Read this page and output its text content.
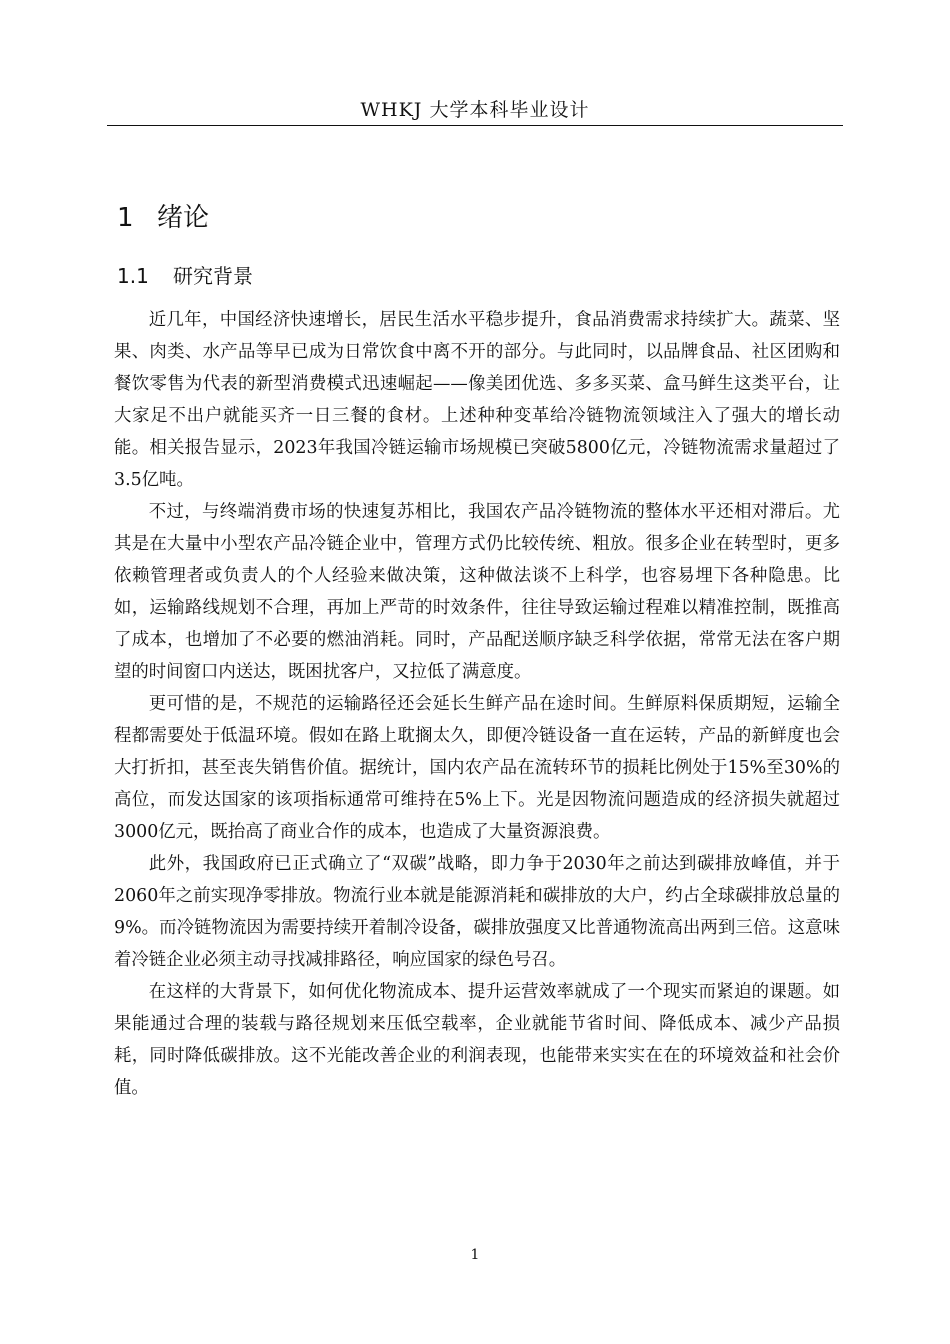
WHKJ 大学本科毕业设计
1 绪论
1.1 研究背景

近几年，中国经济快速增长，居民生活水平稳步提升，食品消费需求持续扩大。蔬菜、坚果、肉类、水产品等早已成为日常饮食中离不开的部分。与此同时，以品牌食品、社区团购和餐饮零售为代表的新型消费模式迅速崛起——像美团优选、多多买菜、盒马鲜生这类平台，让大家足不出户就能买齐一日三餐的食材。上述种种变革给冷链物流领域注入了强大的增长动能。相关报告显示，2023年我国冷链运输市场规模已突破5800亿元，冷链物流需求量超过了3.5亿吨。

不过，与终端消费市场的快速复苏相比，我国农产品冷链物流的整体水平还相对滞后。尤其是在大量中小型农产品冷链企业中，管理方式仍比较传统、粗放。很多企业在转型时，更多依赖管理者或负责人的个人经验来做决策，这种做法谈不上科学，也容易埋下各种隐患。比如，运输路线规划不合理，再加上严苛的时效条件，往往导致运输过程难以精准控制，既推高了成本，也增加了不必要的燃油消耗。同时，产品配送顺序缺乏科学依据，常常无法在客户期望的时间窗口内送达，既困扰客户，又拉低了满意度。

更可惜的是，不规范的运输路径还会延长生鲜产品在途时间。生鲜原料保质期短，运输全程都需要处于低温环境。假如在路上耽搁太久，即便冷链设备一直在运转，产品的新鲜度也会大打折扣，甚至丧失销售价值。据统计，国内农产品在流转环节的损耗比例处于15%至30%的高位，而发达国家的该项指标通常可维持在5%上下。光是因物流问题造成的经济损失就超过3000亿元，既抬高了商业合作的成本，也造成了大量资源浪费。

此外，我国政府已正式确立了“双碳”战略，即力争于2030年之前达到碳排放峰值，并于2060年之前实现净零排放。物流行业本就是能源消耗和碳排放的大户，约占全球碳排放总量的9%。而冷链物流因为需要持续开着制冷设备，碳排放强度又比普通物流高出两到三倍。这意味着冷链企业必须主动寻找减排路径，响应国家的绿色号召。

在这样的大背景下，如何优化物流成本、提升运营效率就成了一个现实而紧迫的课题。如果能通过合理的装载与路径规划来压低空载率，企业就能节省时间、降低成本、减少产品损耗，同时降低碳排放。这不光能改善企业的利润表现，也能带来实实在在的环境效益和社会价值。

1
